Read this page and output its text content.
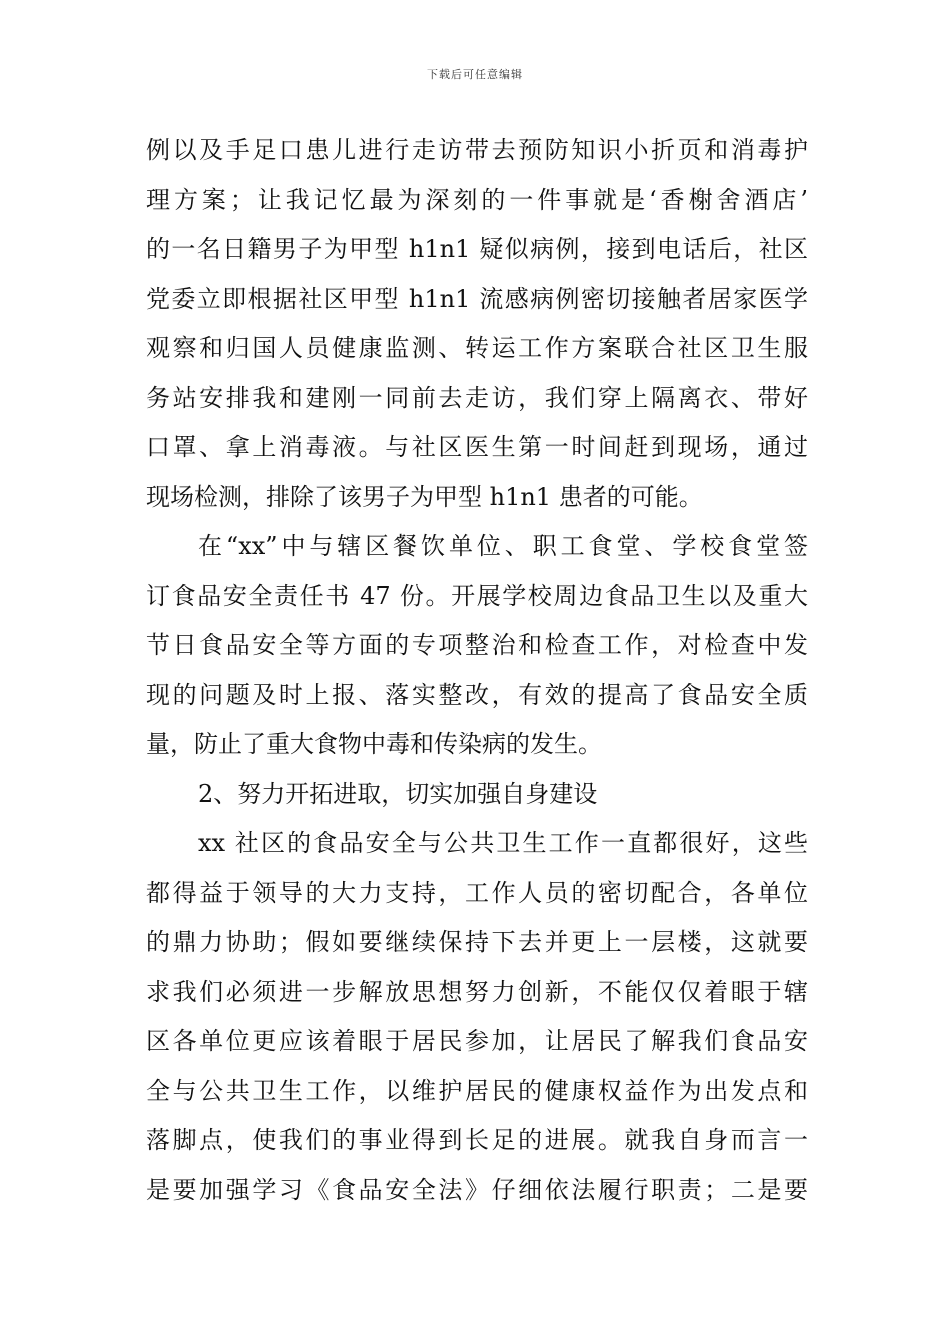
下载后可任意编辑
例以及手足口患儿进行走访带去预防知识小折页和消毒护
理方案；让我记忆最为深刻的一件事就是‘香榭舍酒店’
的一名日籍男子为甲型 h1n1 疑似病例，接到电话后，社区
党委立即根据社区甲型 h1n1 流感病例密切接触者居家医学
观察和归国人员健康监测、转运工作方案联合社区卫生服
务站安排我和建刚一同前去走访，我们穿上隔离衣、带好
口罩、拿上消毒液。与社区医生第一时间赶到现场，通过
现场检测，排除了该男子为甲型 h1n1 患者的可能。
在“xx”中与辖区餐饮单位、职工食堂、学校食堂签
订食品安全责任书 47 份。开展学校周边食品卫生以及重大
节日食品安全等方面的专项整治和检查工作，对检查中发
现的问题及时上报、落实整改，有效的提高了食品安全质
量，防止了重大食物中毒和传染病的发生。
2、努力开拓进取，切实加强自身建设
xx 社区的食品安全与公共卫生工作一直都很好，这些
都得益于领导的大力支持，工作人员的密切配合，各单位
的鼎力协助；假如要继续保持下去并更上一层楼，这就要
求我们必须进一步解放思想努力创新，不能仅仅着眼于辖
区各单位更应该着眼于居民参加，让居民了解我们食品安
全与公共卫生工作，以维护居民的健康权益作为出发点和
落脚点，使我们的事业得到长足的进展。就我自身而言一
是要加强学习《食品安全法》仔细依法履行职责；二是要
